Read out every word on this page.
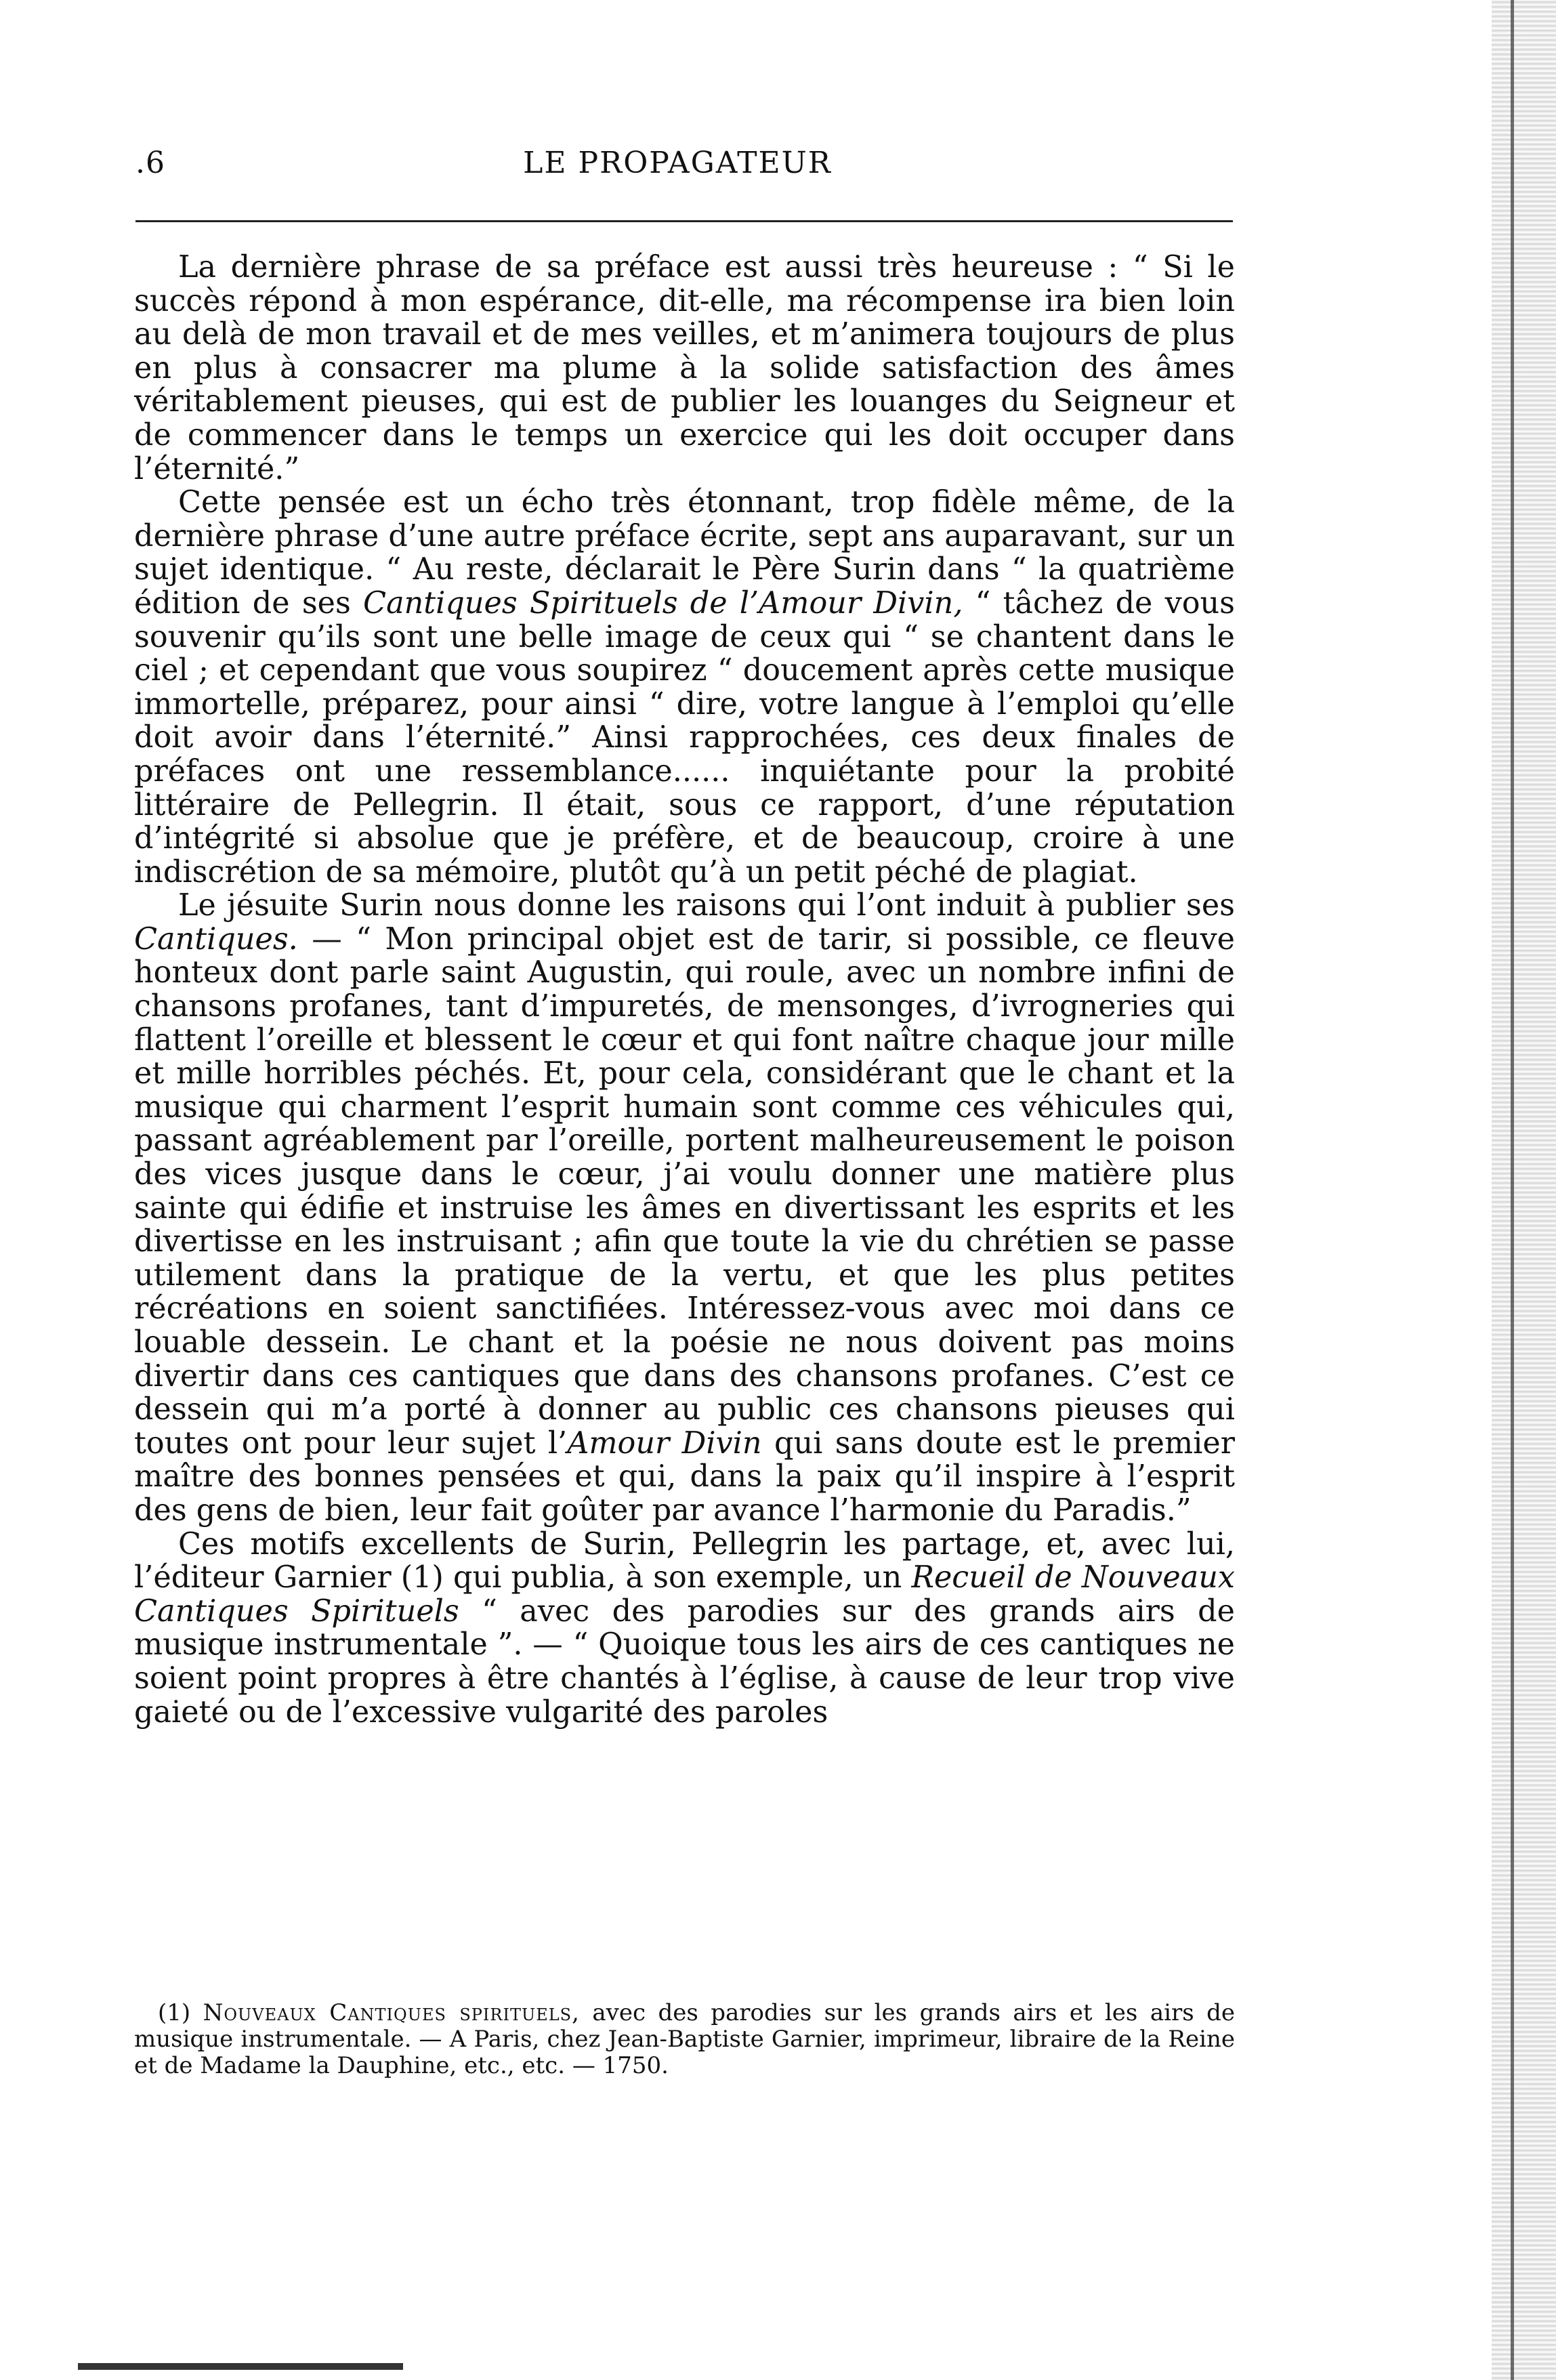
.6	LE PROPAGATEUR

La dernière phrase de sa préface est aussi très heureuse : “ Si le succès répond à mon espérance, dit-elle, ma récompense ira bien loin au delà de mon travail et de mes veilles, et m’animera toujours de plus en plus à consacrer ma plume à la solide satisfaction des âmes véritablement pieuses, qui est de publier les louanges du Seigneur et de commencer dans le temps un exercice qui les doit occuper dans l’éternité.”

Cette pensée est un écho très étonnant, trop fidèle même, de la dernière phrase d’une autre préface écrite, sept ans auparavant, sur un sujet identique. “ Au reste, déclarait le Père Surin dans “ la quatrième édition de ses Cantiques Spirituels de l’Amour Divin, “ tâchez de vous souvenir qu’ils sont une belle image de ceux qui “ se chantent dans le ciel ; et cependant que vous soupirez “ doucement après cette musique immortelle, préparez, pour ainsi “ dire, votre langue à l’emploi qu’elle doit avoir dans l’éternité.” Ainsi rapprochées, ces deux finales de préfaces ont une ressemblance...... inquiétante pour la probité littéraire de Pellegrin. Il était, sous ce rapport, d’une réputation d’intégrité si absolue que je préfère, et de beaucoup, croire à une indiscrétion de sa mémoire, plutôt qu’à un petit péché de plagiat.

Le jésuite Surin nous donne les raisons qui l’ont induit à publier ses Cantiques. — “ Mon principal objet est de tarir, si possible, ce fleuve honteux dont parle saint Augustin, qui roule, avec un nombre infini de chansons profanes, tant d’impuretés, de mensonges, d’ivrogneries qui flattent l’oreille et blessent le cœur et qui font naître chaque jour mille et mille horribles péchés. Et, pour cela, considérant que le chant et la musique qui charment l’esprit humain sont comme ces véhicules qui, passant agréablement par l’oreille, portent malheureusement le poison des vices jusque dans le cœur, j’ai voulu donner une matière plus sainte qui édifie et instruise les âmes en divertissant les esprits et les divertisse en les instruisant ; afin que toute la vie du chrétien se passe utilement dans la pratique de la vertu, et que les plus petites récréations en soient sanctifiées. Intéressez-vous avec moi dans ce louable dessein. Le chant et la poésie ne nous doivent pas moins divertir dans ces cantiques que dans des chansons profanes. C’est ce dessein qui m’a porté à donner au public ces chansons pieuses qui toutes ont pour leur sujet l’Amour Divin qui sans doute est le premier maître des bonnes pensées et qui, dans la paix qu’il inspire à l’esprit des gens de bien, leur fait goûter par avance l’harmonie du Paradis.”

Ces motifs excellents de Surin, Pellegrin les partage, et, avec lui, l’éditeur Garnier (1) qui publia, à son exemple, un Recueil de Nouveaux Cantiques Spirituels “ avec des parodies sur des grands airs de musique instrumentale ”. — “ Quoique tous les airs de ces cantiques ne soient point propres à être chantés à l’église, à cause de leur trop vive gaieté ou de l’excessive vulgarité des paroles

(1) Nouveaux Cantiques spirituels, avec des parodies sur les grands airs et les airs de musique instrumentale. — A Paris, chez Jean-Baptiste Garnier, imprimeur, libraire de la Reine et de Madame la Dauphine, etc., etc. — 1750.
